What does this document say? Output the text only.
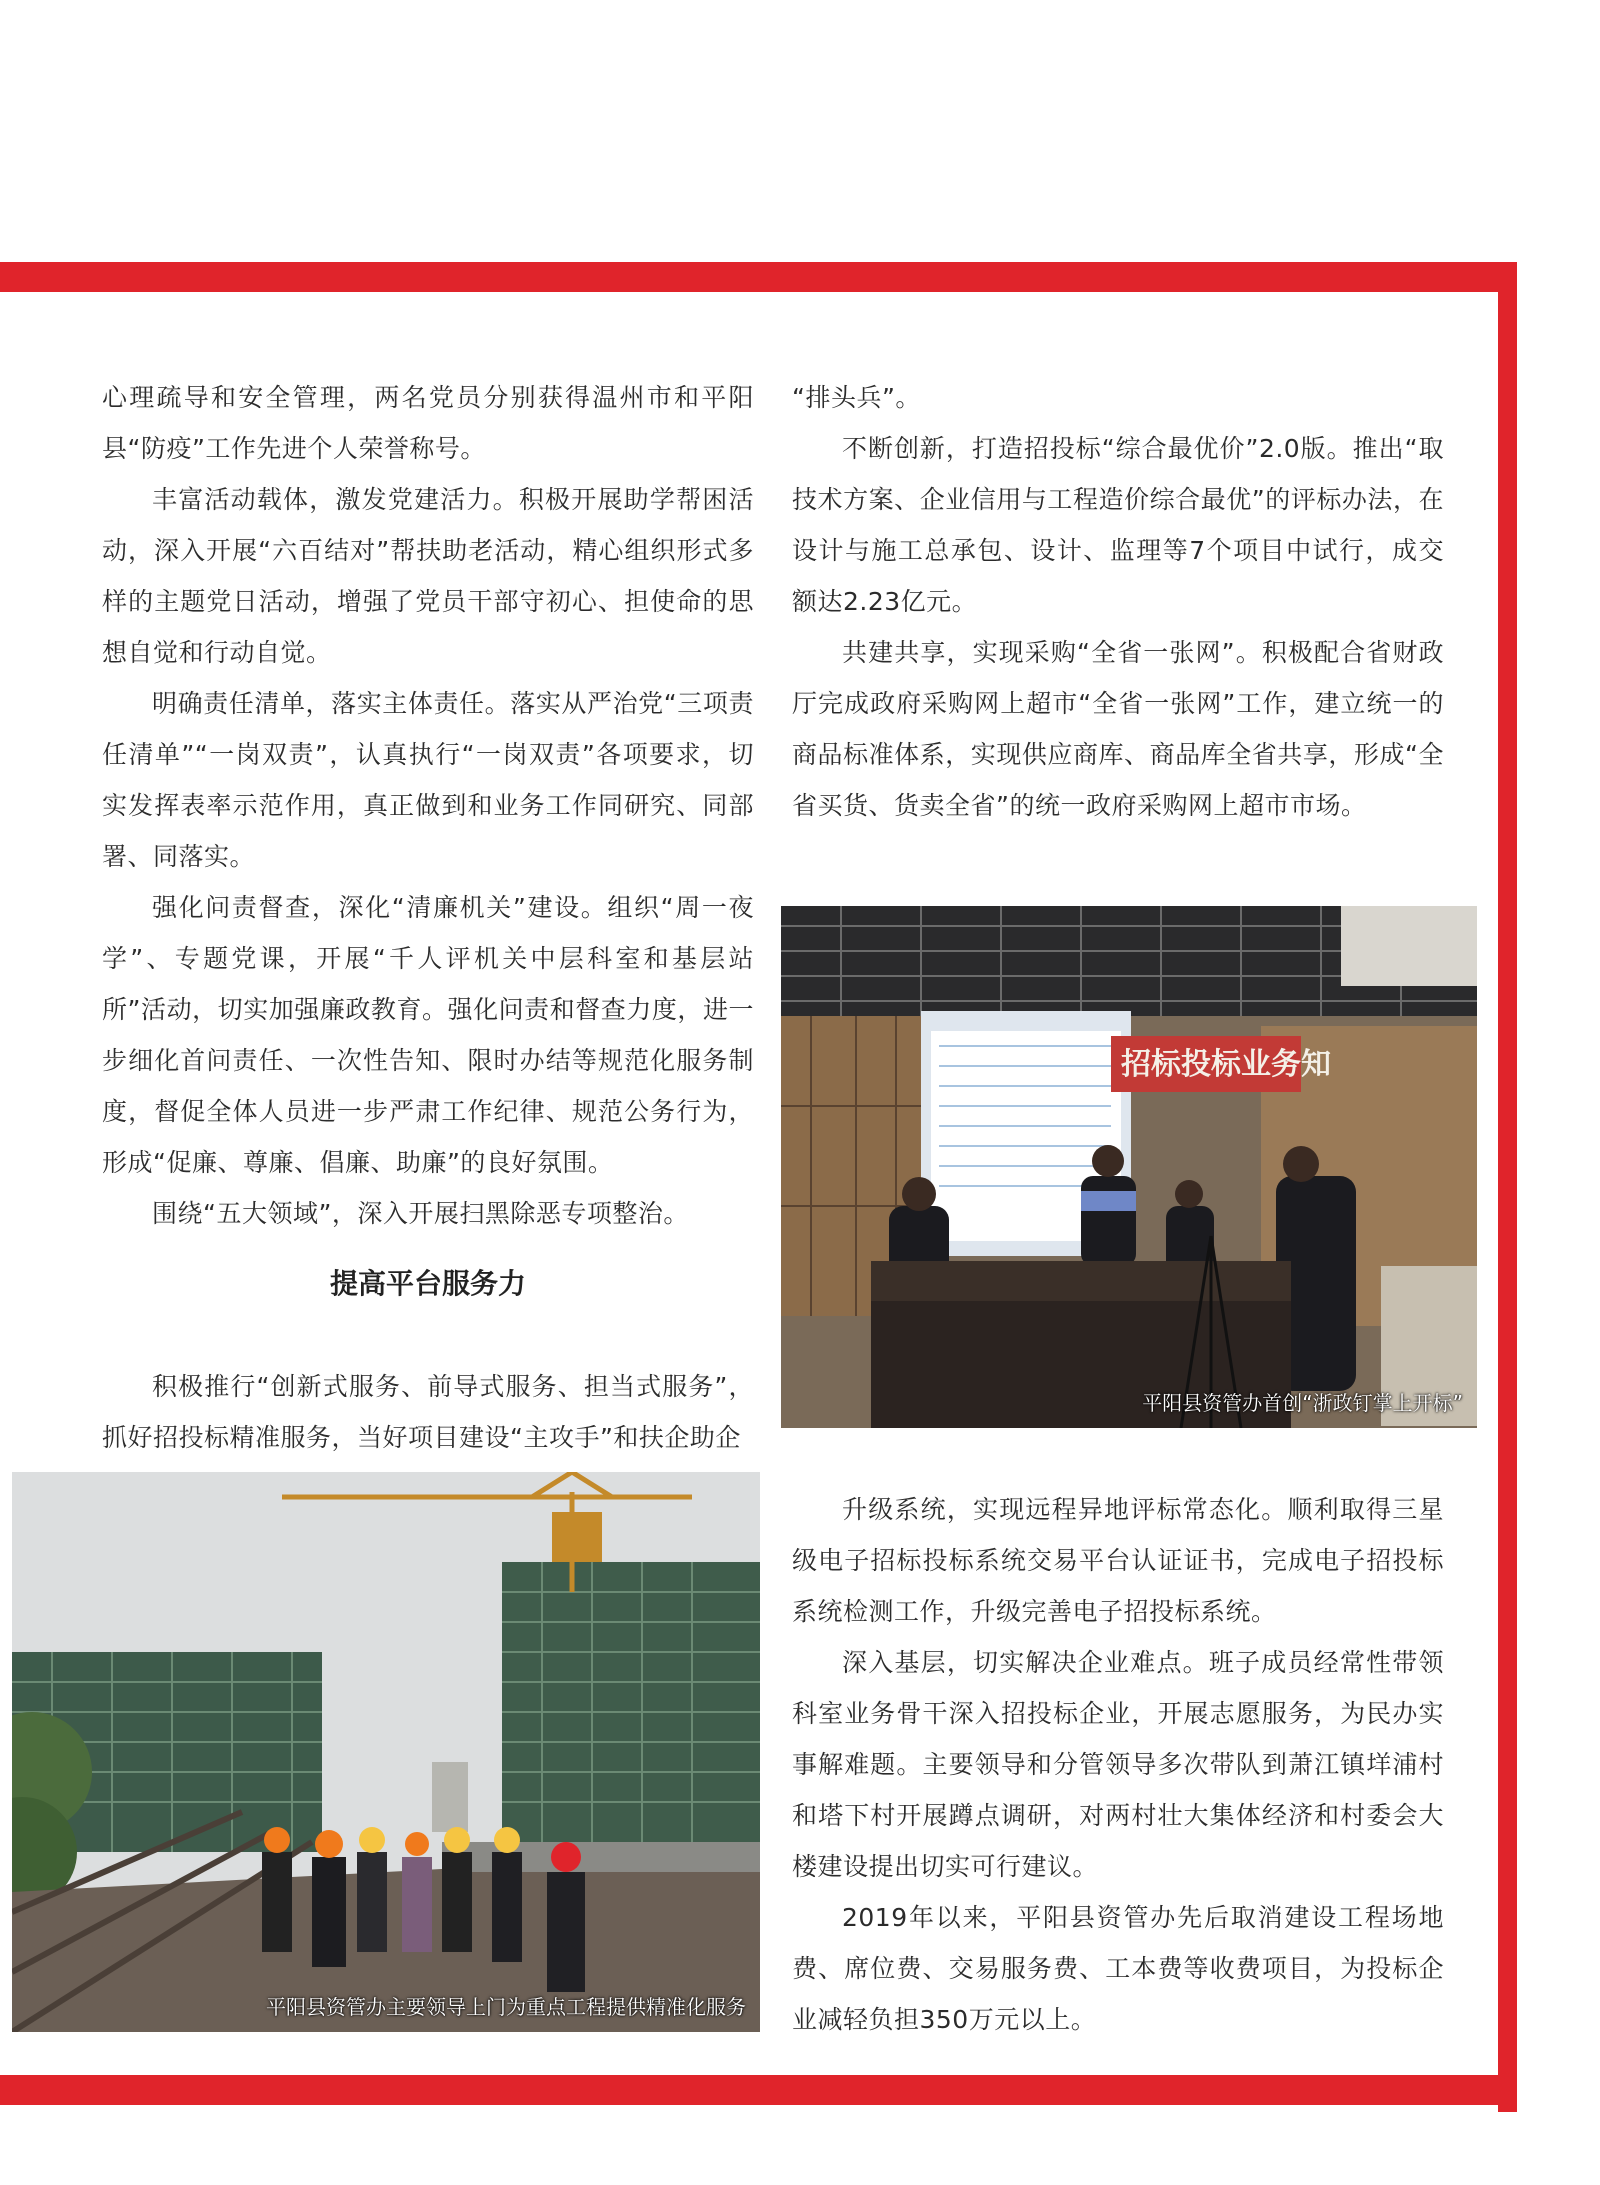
心理疏导和安全管理，两名党员分别获得温州市和平阳县“防疫”工作先进个人荣誉称号。

丰富活动载体，激发党建活力。积极开展助学帮困活动，深入开展“六百结对”帮扶助老活动，精心组织形式多样的主题党日活动，增强了党员干部守初心、担使命的思想自觉和行动自觉。

明确责任清单，落实主体责任。落实从严治党“三项责任清单”“一岗双责”，认真执行“一岗双责”各项要求，切实发挥表率示范作用，真正做到和业务工作同研究、同部署、同落实。

强化问责督查，深化“清廉机关”建设。组织“周一夜学”、专题党课，开展“千人评机关中层科室和基层站所”活动，切实加强廉政教育。强化问责和督查力度，进一步细化首问责任、一次性告知、限时办结等规范化服务制度，督促全体人员进一步严肃工作纪律、规范公务行为，形成“促廉、尊廉、倡廉、助廉”的良好氛围。

围绕“五大领域”，深入开展扫黑除恶专项整治。

提高平台服务力

积极推行“创新式服务、前导式服务、担当式服务”，抓好招投标精准服务，当好项目建设“主攻手”和扶企助企

“排头兵”。

不断创新，打造招投标“综合最优价”2.0版。推出“取技术方案、企业信用与工程造价综合最优”的评标办法，在设计与施工总承包、设计、监理等7个项目中试行，成交额达2.23亿元。

共建共享，实现采购“全省一张网”。积极配合省财政厅完成政府采购网上超市“全省一张网”工作，建立统一的商品标准体系，实现供应商库、商品库全省共享，形成“全省买货、货卖全省”的统一政府采购网上超市市场。

升级系统，实现远程异地评标常态化。顺利取得三星级电子招标投标系统交易平台认证证书，完成电子招投标系统检测工作，升级完善电子招投标系统。

深入基层，切实解决企业难点。班子成员经常性带领科室业务骨干深入招投标企业，开展志愿服务，为民办实事解难题。主要领导和分管领导多次带队到萧江镇垟浦村和塔下村开展蹲点调研，对两村壮大集体经济和村委会大楼建设提出切实可行建议。

2019年以来，平阳县资管办先后取消建设工程场地费、席位费、交易服务费、工本费等收费项目，为投标企业减轻负担350万元以上。

招标投标业务知
平阳县资管办首创“浙政钉掌上开标”
平阳县资管办主要领导上门为重点工程提供精准化服务
